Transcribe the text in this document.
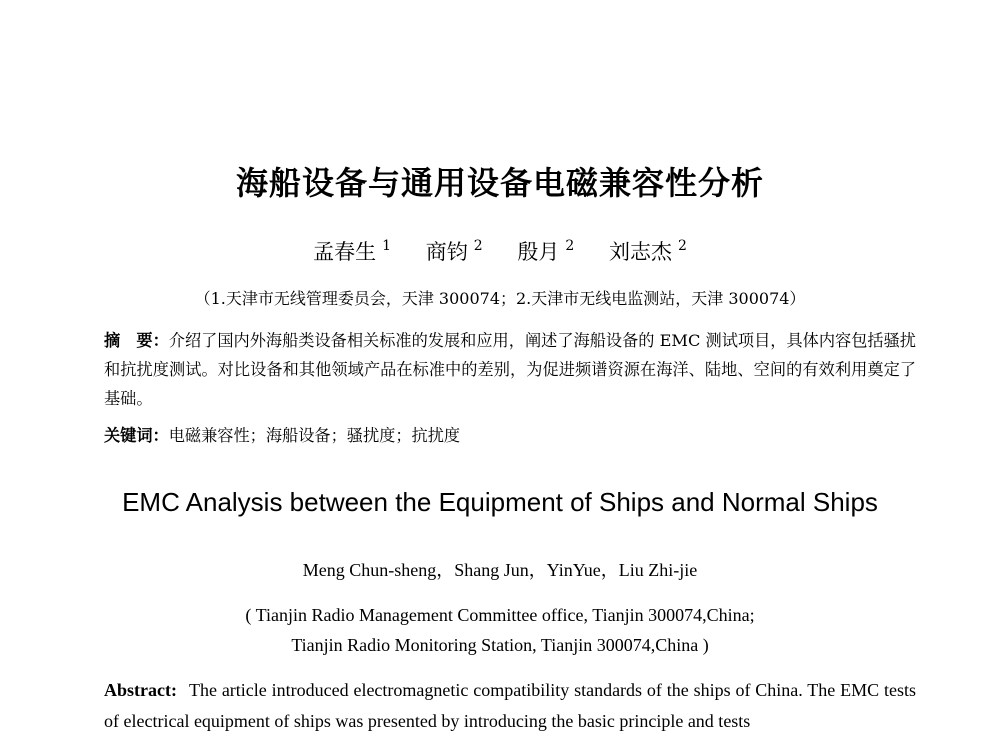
海船设备与通用设备电磁兼容性分析
孟春生 $^1$ 商钧 $^2$ 殷月 $^2$ 刘志杰 $^2$
（1.天津市无线管理委员会，天津 300074；2.天津市无线电监测站，天津 300074）
摘　要：介绍了国内外海船类设备相关标准的发展和应用，阐述了海船设备的 EMC 测试项目，具体内容包括骚扰和抗扰度测试。对比设备和其他领域产品在标准中的差别，为促进频谱资源在海洋、陆地、空间的有效利用奠定了基础。
关键词：电磁兼容性；海船设备；骚扰度；抗扰度
EMC Analysis between the Equipment of Ships and Normal Ships
Meng Chun-sheng，Shang Jun，YinYue，Liu Zhi-jie
( Tianjin Radio Management Committee office, Tianjin 300074,China;
Tianjin Radio Monitoring Station, Tianjin 300074,China )
Abstract: The article introduced electromagnetic compatibility standards of the ships of China. The EMC tests of electrical equipment of ships was presented by introducing the basic principle and tests
